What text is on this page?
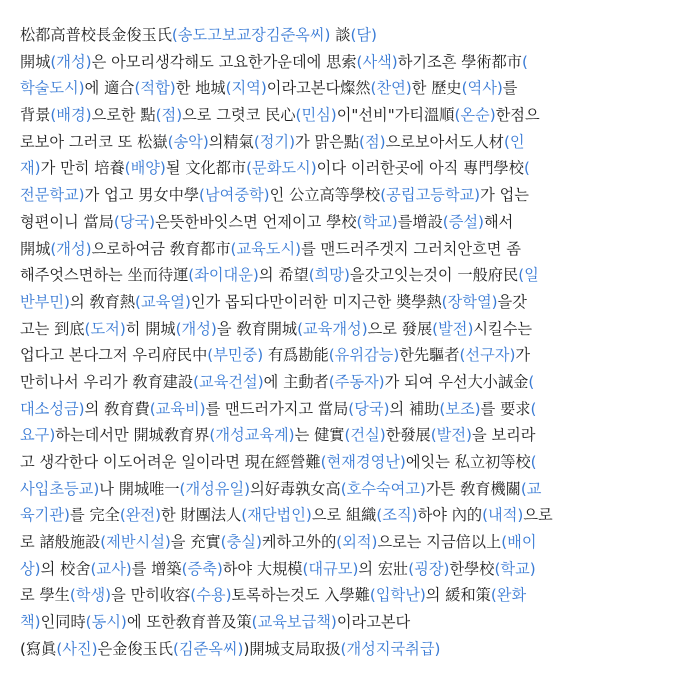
松都高普校長金俊玉氏(송도고보교장김준옥씨) 談(담)
開城(개성)은 아모리생각해도 고요한가운데에 思索(사색)하기조흔 學術都市(
학술도시)에 適合(적합)한 地城(지역)이라고본다燦然(찬연)한 歷史(역사)를
背景(배경)으로한 點(점)으로 그렷코 民心(민심)이"선비"가티溫順(온순)한점으
로보아 그러코 또 松嶽(송악)의精氣(정기)가 맑은點(점)으로보아서도人材(인
재)가 만히 培養(배양)될 文化都市(문화도시)이다 이러한곳에 아직 專門學校(
전문학교)가 업고 男女中學(남여중학)인 公立高等學校(공립고등학교)가 업는
형편이니 當局(당국)은뜻한바잇스면 언제이고 學校(학교)를增設(증설)해서
開城(개성)으로하여금 敎育都市(교육도시)를 맨드러주겟지 그러치안흐면 좀
해주엇스면하는 坐而待運(좌이대운)의 希望(희망)을갓고잇는것이 一般府民(일
반부민)의 敎育熱(교육열)인가 몹되다만이러한 미지근한 奬學熱(장학열)을갓
고는 到底(도저)히 開城(개성)을 敎育開城(교육개성)으로 發展(발전)시킬수는
업다고 본다그저 우리府民中(부민중) 有爲勘能(유위감능)한先驅者(선구자)가
만히나서 우리가 敎育建設(교육건설)에 主動者(주동자)가 되여 우선大小誠金(
대소성금)의 敎育費(교육비)를 맨드러가지고 當局(당국)의 補助(보조)를 要求(
요구)하는데서만 開城敎育界(개성교육계)는 健實(건실)한發展(발전)을 보리라
고 생각한다 이도어려운 일이라면 現在經營難(현재경영난)에잇는 私立初等校(
사입초등교)나 開城唯一(개성유일)의好毒孰女高(호수숙여고)가튼 敎育機關(교
육기관)를 完全(완전)한 財團法人(재단법인)으로 組織(조직)하야 內的(내적)으로
로 諸般施設(제반시설)을 充實(충실)케하고外的(외적)으로는 지금倍以上(배이
상)의 校舍(교사)를 增築(증축)하야 大規模(대규모)의 宏壯(굉장)한學校(학교)
로 學生(학생)을 만히收容(수용)토록하는것도 入學難(입학난)의 緩和策(완화
책)인同時(동시)에 또한敎育普及策(교육보급책)이라고본다
(寫眞(사진)은金俊玉氏(김준옥씨))開城支局取扱(개성지국취급)
